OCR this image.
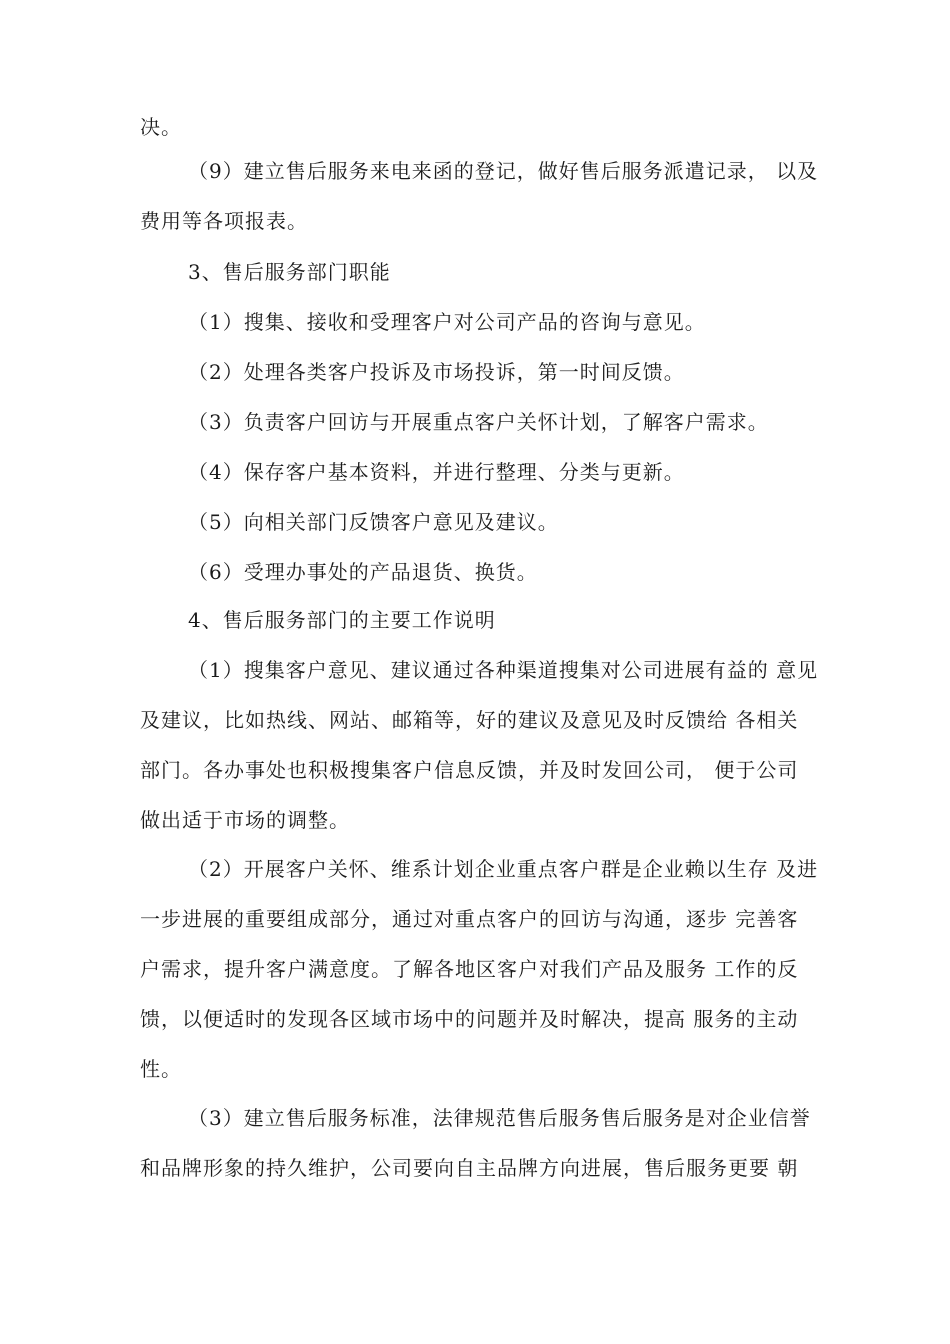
决。
（9）建立售后服务来电来函的登记，做好售后服务派遣记录， 以及
费用等各项报表。
3、售后服务部门职能
（1）搜集、接收和受理客户对公司产品的咨询与意见。
（2）处理各类客户投诉及市场投诉，第一时间反馈。
（3）负责客户回访与开展重点客户关怀计划，了解客户需求。
（4）保存客户基本资料，并进行整理、分类与更新。
（5）向相关部门反馈客户意见及建议。
（6）受理办事处的产品退货、换货。
4、售后服务部门的主要工作说明
（1）搜集客户意见、建议通过各种渠道搜集对公司进展有益的 意见
及建议，比如热线、网站、邮箱等，好的建议及意见及时反馈给 各相关
部门。各办事处也积极搜集客户信息反馈，并及时发回公司， 便于公司
做出适于市场的调整。
（2）开展客户关怀、维系计划企业重点客户群是企业赖以生存 及进
一步进展的重要组成部分，通过对重点客户的回访与沟通，逐步 完善客
户需求，提升客户满意度。了解各地区客户对我们产品及服务 工作的反
馈，以便适时的发现各区域市场中的问题并及时解决，提高 服务的主动
性。
（3）建立售后服务标准，法律规范售后服务售后服务是对企业信誉
和品牌形象的持久维护，公司要向自主品牌方向进展，售后服务更要 朝
